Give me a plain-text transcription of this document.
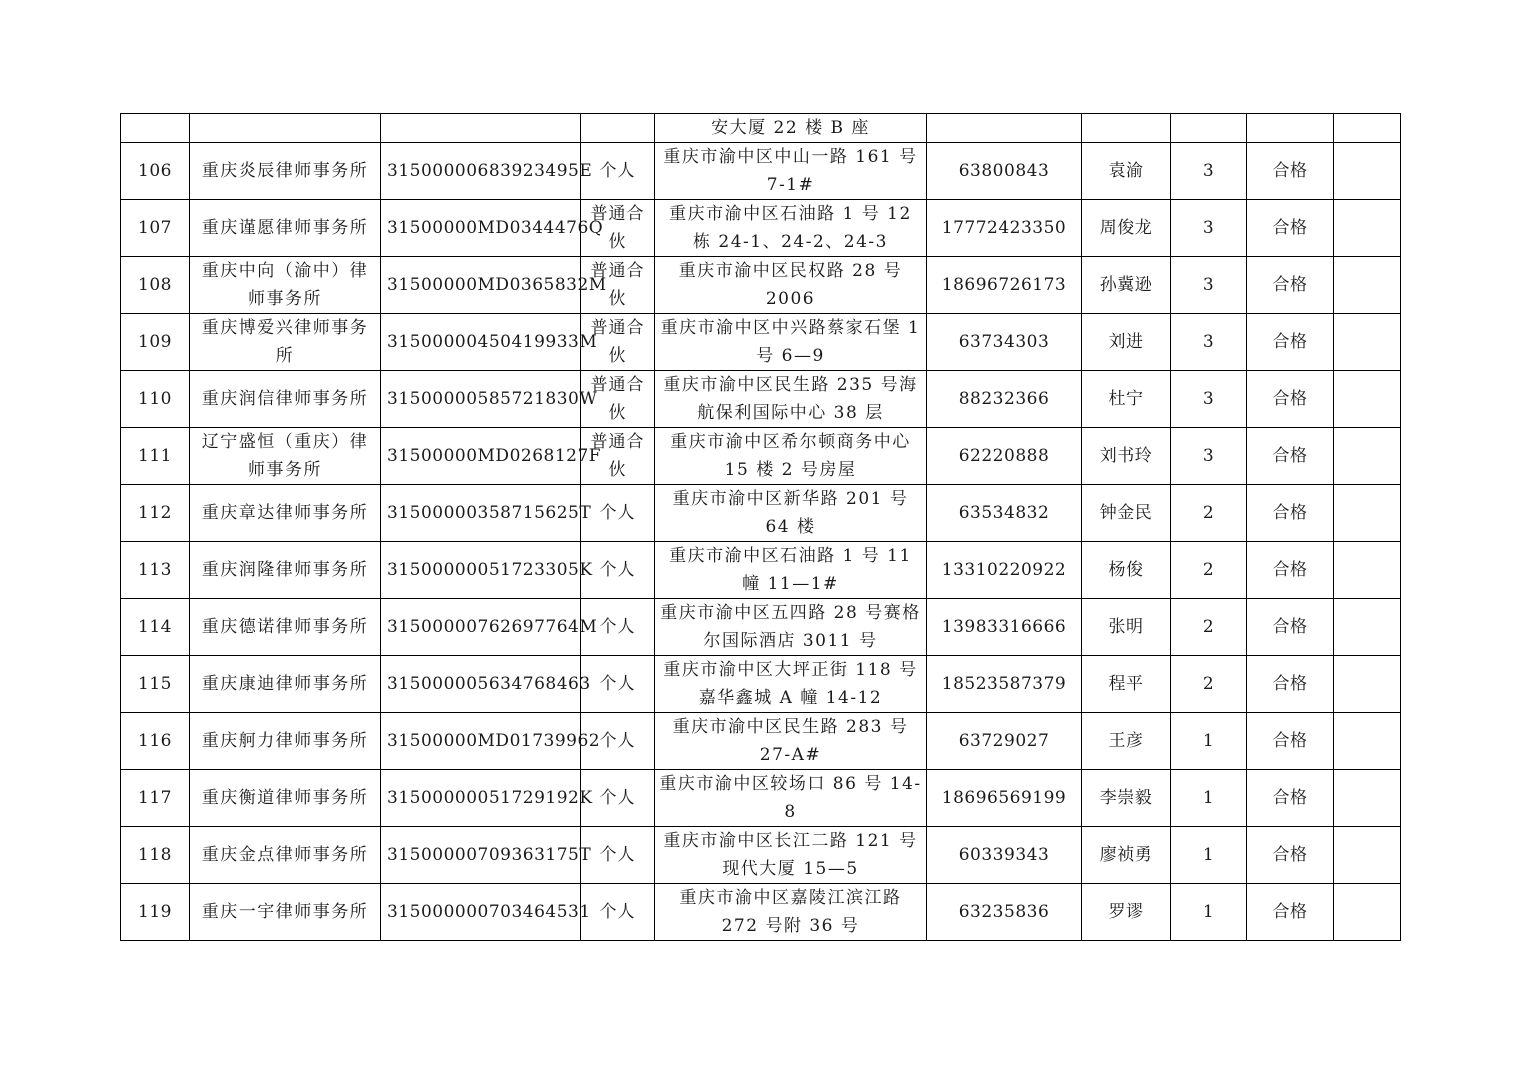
				安大厦 22 楼 B 座					
106	重庆炎辰律师事务所	31500000683923495E	个人	重庆市渝中区中山一路 161 号 7-1#	63800843	袁渝	3	合格	
107	重庆谨愿律师事务所	31500000MD0344476Q	普通合伙	重庆市渝中区石油路 1 号 12 栋 24-1、24-2、24-3	17772423350	周俊龙	3	合格	
108	重庆中向（渝中）律师事务所	31500000MD0365832M	普通合伙	重庆市渝中区民权路 28 号 2006	18696726173	孙冀逊	3	合格	
109	重庆博爱兴律师事务所	31500000450419933M	普通合伙	重庆市渝中区中兴路蔡家石堡 1 号 6—9	63734303	刘进	3	合格	
110	重庆润信律师事务所	31500000585721830W	普通合伙	重庆市渝中区民生路 235 号海航保利国际中心 38 层	88232366	杜宁	3	合格	
111	辽宁盛恒（重庆）律师事务所	31500000MD0268127F	普通合伙	重庆市渝中区希尔顿商务中心 15 楼 2 号房屋	62220888	刘书玲	3	合格	
112	重庆章达律师事务所	31500000358715625T	个人	重庆市渝中区新华路 201 号 64 楼	63534832	钟金民	2	合格	
113	重庆润隆律师事务所	31500000051723305K	个人	重庆市渝中区石油路 1 号 11 幢 11—1#	13310220922	杨俊	2	合格	
114	重庆德诺律师事务所	31500000762697764M	个人	重庆市渝中区五四路 28 号赛格尔国际酒店 3011 号	13983316666	张明	2	合格	
115	重庆康迪律师事务所	315000005634768463	个人	重庆市渝中区大坪正街 118 号嘉华鑫城 A 幢 14-12	18523587379	程平	2	合格	
116	重庆舸力律师事务所	31500000MD01739962	个人	重庆市渝中区民生路 283 号 27-A#	63729027	王彦	1	合格	
117	重庆衡道律师事务所	31500000051729192K	个人	重庆市渝中区较场口 86 号 14-8	18696569199	李崇毅	1	合格	
118	重庆金点律师事务所	31500000709363175T	个人	重庆市渝中区长江二路 121 号现代大厦 15—5	60339343	廖祯勇	1	合格	
119	重庆一宇律师事务所	315000000703464531	个人	重庆市渝中区嘉陵江滨江路 272 号附 36 号	63235836	罗谬	1	合格	
